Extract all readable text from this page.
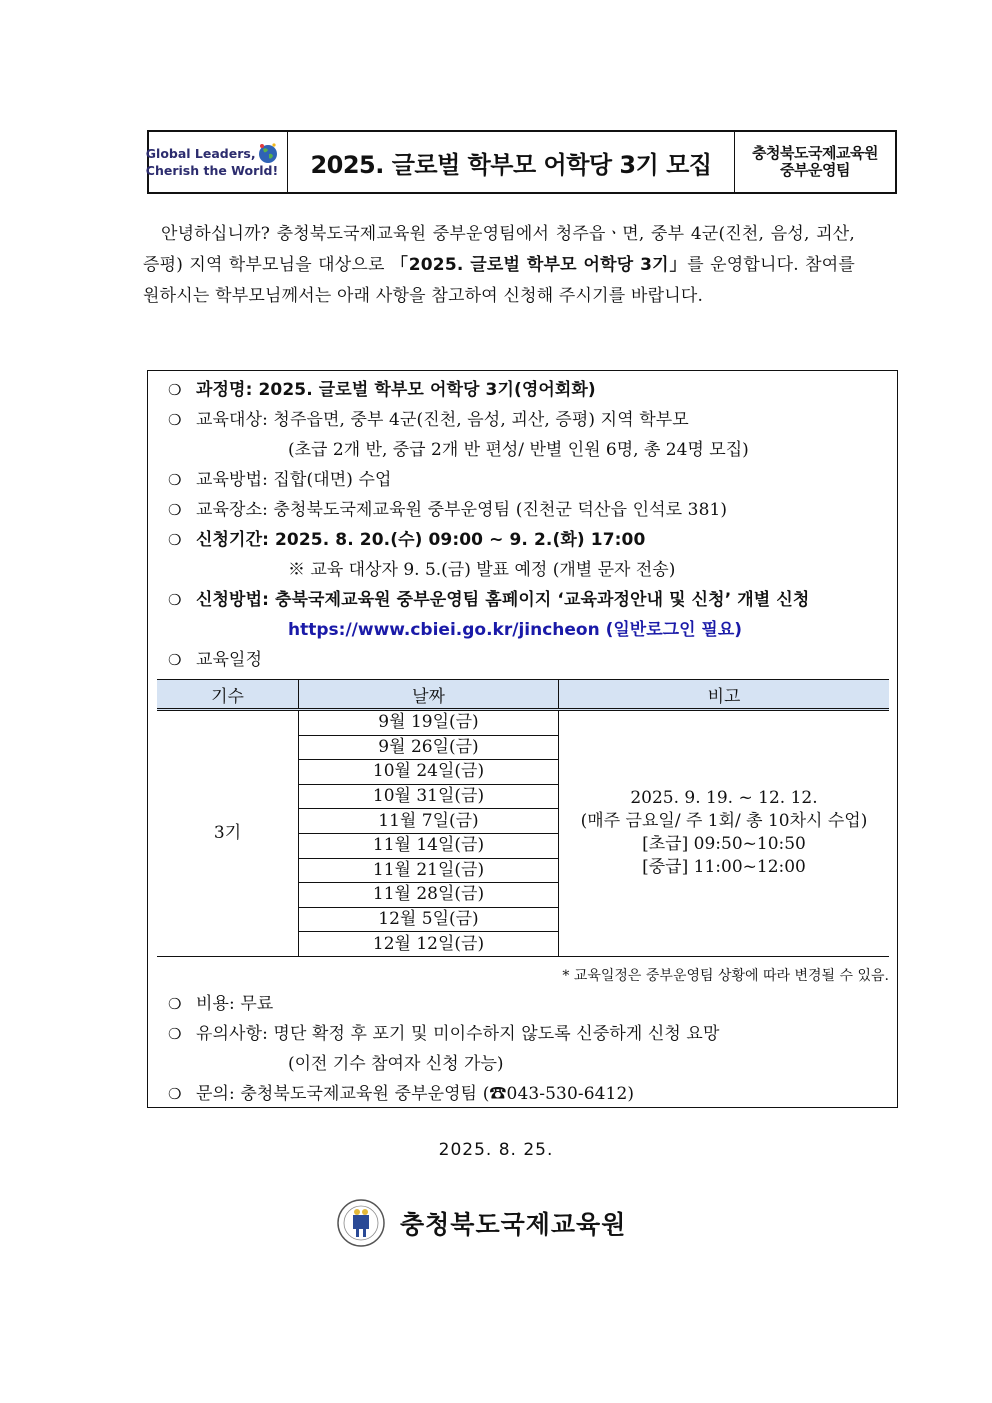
Global Leaders,
Cherish the World!	2025. 글로벌 학부모 어학당 3기 모집	충청북도국제교육원
중부운영팀

안녕하십니까? 충청북도국제교육원 중부운영팀에서 청주읍ㆍ면, 중부 4군(진천, 음성, 괴산, 증평) 지역 학부모님을 대상으로 「2025. 글로벌 학부모 어학당 3기」를 운영합니다. 참여를 원하시는 학부모님께서는 아래 사항을 참고하여 신청해 주시기를 바랍니다.

❍ 과정명: 2025. 글로벌 학부모 어학당 3기(영어회화)
❍ 교육대상: 청주읍면, 중부 4군(진천, 음성, 괴산, 증평) 지역 학부모
(초급 2개 반, 중급 2개 반 편성/ 반별 인원 6명, 총 24명 모집)
❍ 교육방법: 집합(대면) 수업
❍ 교육장소: 충청북도국제교육원 중부운영팀 (진천군 덕산읍 인석로 381)
❍ 신청기간: 2025. 8. 20.(수) 09:00 ~ 9. 2.(화) 17:00
※ 교육 대상자 9. 5.(금) 발표 예정 (개별 문자 전송)
❍ 신청방법: 충북국제교육원 중부운영팀 홈페이지 ‘교육과정안내 및 신청’ 개별 신청
https://www.cbiei.go.kr/jincheon (일반로그인 필요)
❍ 교육일정
기수	날짜	비고
3기	9월 19일(금)	2025. 9. 19. ~ 12. 12.
(매주 금요일/ 주 1회/ 총 10차시 수업)
[초급] 09:50~10:50
[중급] 11:00~12:00

	9월 26일(금)	
	10월 24일(금)	
	10월 31일(금)	
	11월 7일(금)	
	11월 14일(금)	
	11월 21일(금)	
	11월 28일(금)	
	12월 5일(금)	
	12월 12일(금)	
* 교육일정은 중부운영팀 상황에 따라 변경될 수 있음.
❍ 비용: 무료
❍ 유의사항: 명단 확정 후 포기 및 미이수하지 않도록 신중하게 신청 요망
(이전 기수 참여자 신청 가능)
❍ 문의: 충청북도국제교육원 중부운영팀 (☎043-530-6412)
2025. 8. 25.
충청북도국제교육원
